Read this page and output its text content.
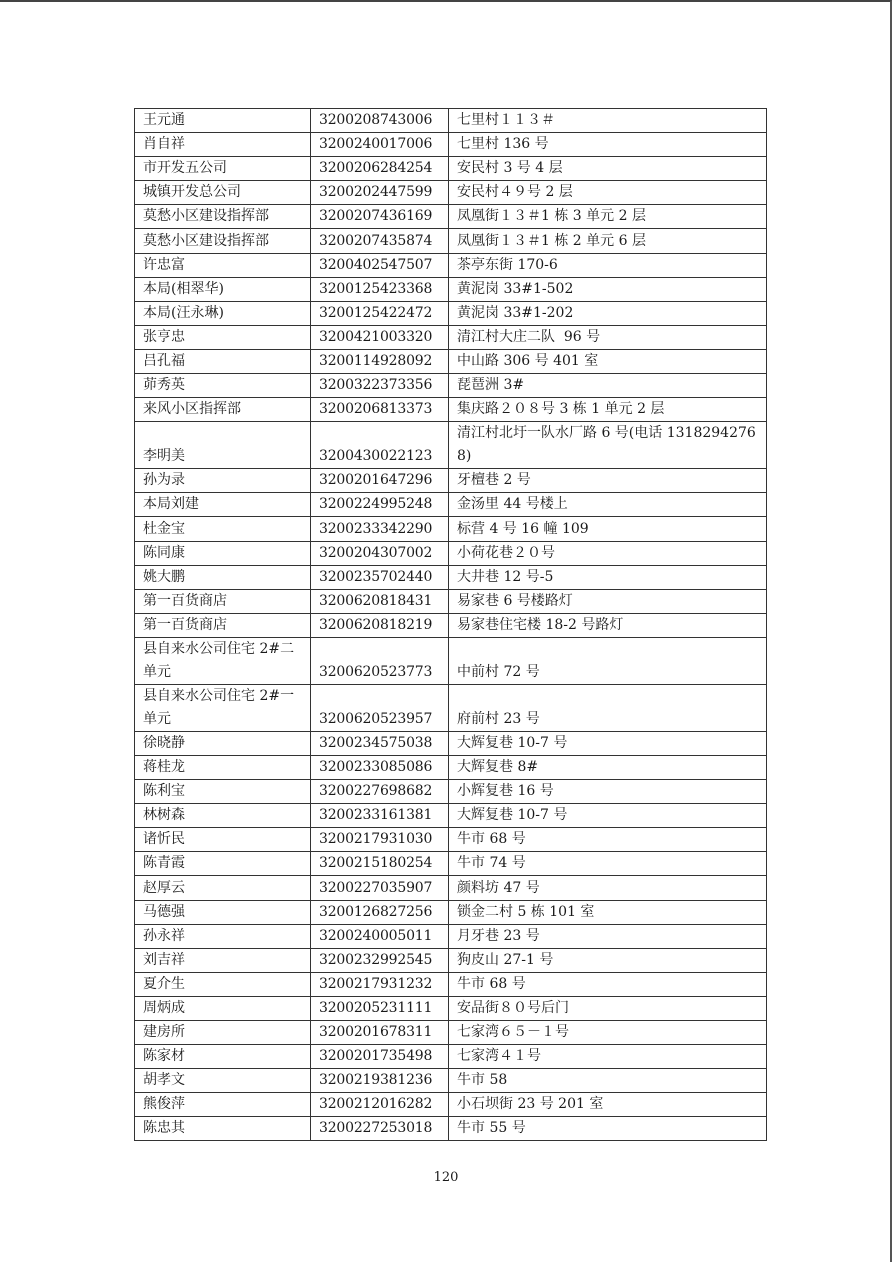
王元通	3200208743006	七里村１１３＃
肖自祥	3200240017006	七里村 136 号
市开发五公司	3200206284254	安民村 3 号 4 层
城镇开发总公司	3200202447599	安民村４９号 2 层
莫愁小区建设指挥部	3200207436169	凤凰街１３＃1 栋 3 单元 2 层
莫愁小区建设指挥部	3200207435874	凤凰街１３＃1 栋 2 单元 6 层
许忠富	3200402547507	茶亭东街 170-6
本局(相翠华)	3200125423368	黄泥岗 33#1-502
本局(汪永琳)	3200125422472	黄泥岗 33#1-202
张亨忠	3200421003320	清江村大庄二队  96 号
吕孔福	3200114928092	中山路 306 号 401 室
茆秀英	3200322373356	琵琶洲 3#
来风小区指挥部	3200206813373	集庆路２０８号 3 栋 1 单元 2 层
李明美	3200430022123	清江村北圩一队水厂路 6 号(电话 13182942768)
孙为录	3200201647296	牙檀巷 2 号
本局刘建	3200224995248	金汤里 44 号楼上
杜金宝	3200233342290	标营 4 号 16 幢 109
陈同康	3200204307002	小荷花巷２０号
姚大鹏	3200235702440	大井巷 12 号-5
第一百货商店	3200620818431	易家巷 6 号楼路灯
第一百货商店	3200620818219	易家巷住宅楼 18-2 号路灯
县自来水公司住宅 2#二单元	3200620523773	中前村 72 号
县自来水公司住宅 2#一单元	3200620523957	府前村 23 号
徐晓静	3200234575038	大辉复巷 10-7 号
蒋桂龙	3200233085086	大辉复巷 8#
陈利宝	3200227698682	小辉复巷 16 号
林树森	3200233161381	大辉复巷 10-7 号
诸忻民	3200217931030	牛市 68 号
陈青霞	3200215180254	牛市 74 号
赵厚云	3200227035907	颜料坊 47 号
马德强	3200126827256	锁金二村 5 栋 101 室
孙永祥	3200240005011	月牙巷 23 号
刘吉祥	3200232992545	狗皮山 27-1 号
夏介生	3200217931232	牛市 68 号
周炳成	3200205231111	安品街８０号后门
建房所	3200201678311	七家湾６５－１号
陈家材	3200201735498	七家湾４１号
胡孝文	3200219381236	牛市 58
熊俊萍	3200212016282	小石坝街 23 号 201 室
陈忠其	3200227253018	牛市 55 号
120
